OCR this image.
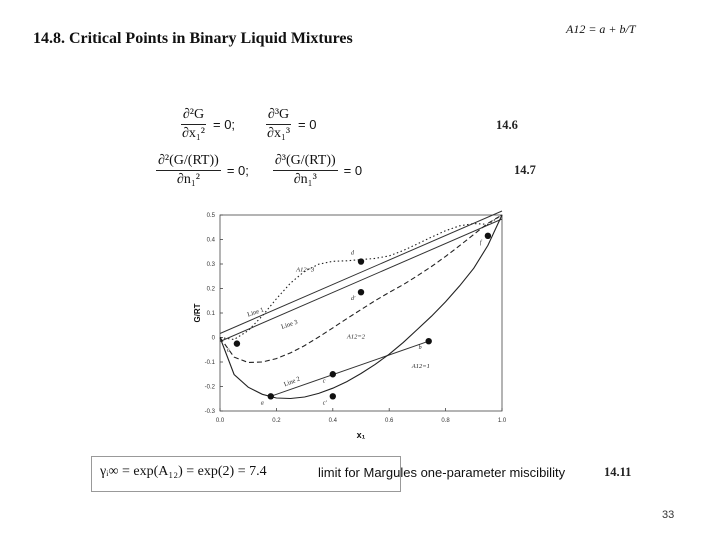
14.8. Critical Points in Binary Liquid Mixtures
A12 = a + b/T
$\frac{\text{∂²G}}{\text{∂x₁²}} = 0$; $\frac{\text{∂³G}}{\text{∂x₁³}} = 0$	14.6
$\frac{\text{∂²(G/(RT))}}{\text{∂n₁²}} = 0$; $\frac{\text{∂³(G/(RT))}}{\text{∂n₁³}} = 0$	14.7
0.0	0.2	0.4	0.6	0.8	1.0
-0.3
-0.2
-0.1
0
0.1
0.2
0.3
0.4
0.5
x₁
G/RT
a
b
c
c'
d
d'
e
f
A12=3
A12=2
A12=1
Line 1
Line 2
Line 3
γᵢ∞ = exp(A₁₂) = exp(2) = 7.4	limit for Margules one-parameter miscibility	14.11
33
